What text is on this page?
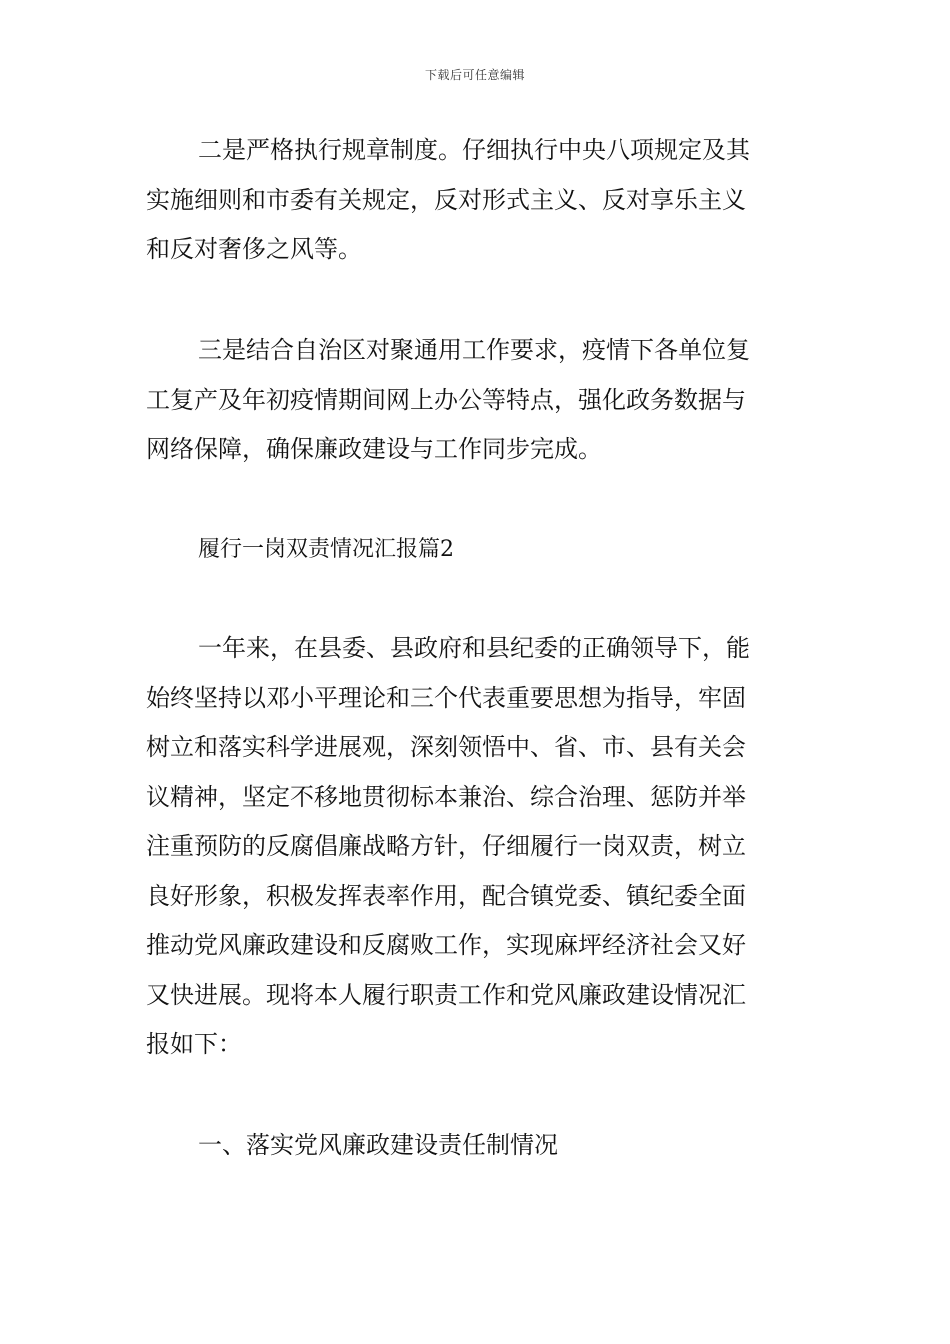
下载后可任意编辑
二是严格执行规章制度。仔细执行中央八项规定及其
实施细则和市委有关规定，反对形式主义、反对享乐主义
和反对奢侈之风等。
三是结合自治区对聚通用工作要求，疫情下各单位复
工复产及年初疫情期间网上办公等特点，强化政务数据与
网络保障，确保廉政建设与工作同步完成。
履行一岗双责情况汇报篇2
一年来，在县委、县政府和县纪委的正确领导下，能
始终坚持以邓小平理论和三个代表重要思想为指导，牢固
树立和落实科学进展观，深刻领悟中、省、市、县有关会
议精神，坚定不移地贯彻标本兼治、综合治理、惩防并举
注重预防的反腐倡廉战略方针，仔细履行一岗双责，树立
良好形象，积极发挥表率作用，配合镇党委、镇纪委全面
推动党风廉政建设和反腐败工作，实现麻坪经济社会又好
又快进展。现将本人履行职责工作和党风廉政建设情况汇
报如下：
一、落实党风廉政建设责任制情况
